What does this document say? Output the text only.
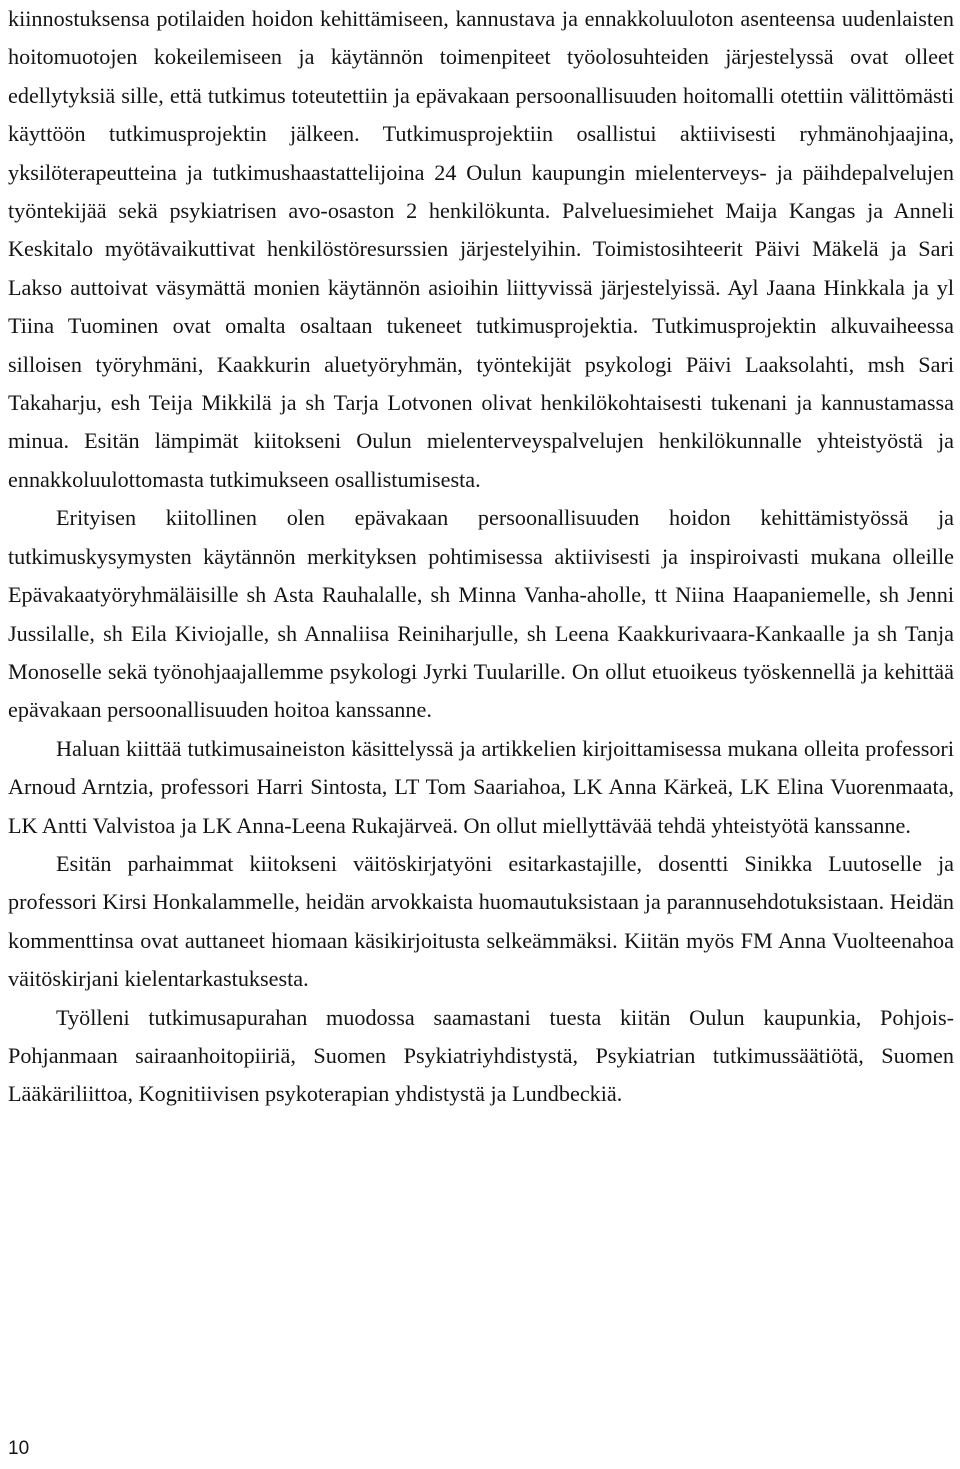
kiinnostuksensa potilaiden hoidon kehittämiseen, kannustava ja ennakkoluuloton asenteensa uudenlaisten hoitomuotojen kokeilemiseen ja käytännön toimenpiteet työolosuhteiden järjestelyssä ovat olleet edellytyksiä sille, että tutkimus toteutettiin ja epävakaan persoonallisuuden hoitomalli otettiin välittömästi käyttöön tutkimusprojektin jälkeen. Tutkimusprojektiin osallistui aktiivisesti ryhmänohjaajina, yksilöterapeutteina ja tutkimushaastattelijoina 24 Oulun kaupungin mielenterveys- ja päihdepalvelujen työntekijää sekä psykiatrisen avo-osaston 2 henkilökunta. Palveluesimiehet Maija Kangas ja Anneli Keskitalo myötävaikuttivat henkilöstöresurssien järjestelyihin. Toimistosihteerit Päivi Mäkelä ja Sari Lakso auttoivat väsymättä monien käytännön asioihin liittyvissä järjestelyissä. Ayl Jaana Hinkkala ja yl Tiina Tuominen ovat omalta osaltaan tukeneet tutkimusprojektia. Tutkimusprojektin alkuvaiheessa silloisen työryhmäni, Kaakkurin aluetyöryhmän, työntekijät psykologi Päivi Laaksolahti, msh Sari Takaharju, esh Teija Mikkilä ja sh Tarja Lotvonen olivat henkilökohtaisesti tukenani ja kannustamassa minua. Esitän lämpimät kiitokseni Oulun mielenterveyspalvelujen henkilökunnalle yhteistyöstä ja ennakkoluulottomasta tutkimukseen osallistumisesta.

Erityisen kiitollinen olen epävakaan persoonallisuuden hoidon kehittämistyössä ja tutkimuskysymysten käytännön merkityksen pohtimisessa aktiivisesti ja inspiroivasti mukana olleille Epävakaatyöryhmäläisille sh Asta Rauhalalle, sh Minna Vanha-aholle, tt Niina Haapaniemelle, sh Jenni Jussilalle, sh Eila Kiviojalle, sh Annaliisa Reiniharjulle, sh Leena Kaakkurivaara-Kankaalle ja sh Tanja Monoselle sekä työnohjaajallemme psykologi Jyrki Tuularille. On ollut etuoikeus työskennellä ja kehittää epävakaan persoonallisuuden hoitoa kanssanne.

Haluan kiittää tutkimusaineiston käsittelyssä ja artikkelien kirjoittamisessa mukana olleita professori Arnoud Arntzia, professori Harri Sintosta, LT Tom Saariahoa, LK Anna Kärkeä, LK Elina Vuorenmaata, LK Antti Valvistoa ja LK Anna-Leena Rukajärveä. On ollut miellyttävää tehdä yhteistyötä kanssanne.

Esitän parhaimmat kiitokseni väitöskirjatyöni esitarkastajille, dosentti Sinikka Luutoselle ja professori Kirsi Honkalammelle, heidän arvokkaista huomautuksistaan ja parannusehdotuksistaan. Heidän kommenttinsa ovat auttaneet hiomaan käsikirjoitusta selkeämmäksi. Kiitän myös FM Anna Vuolteenahoa väitöskirjani kielentarkastuksesta.

Työlleni tutkimusapurahan muodossa saamastani tuesta kiitän Oulun kaupunkia, Pohjois-Pohjanmaan sairaanhoitopiiriä, Suomen Psykiatriyhdistystä, Psykiatrian tutkimussäätiötä, Suomen Lääkäriliittoa, Kognitiivisen psykoterapian yhdistystä ja Lundbeckiä.

10
